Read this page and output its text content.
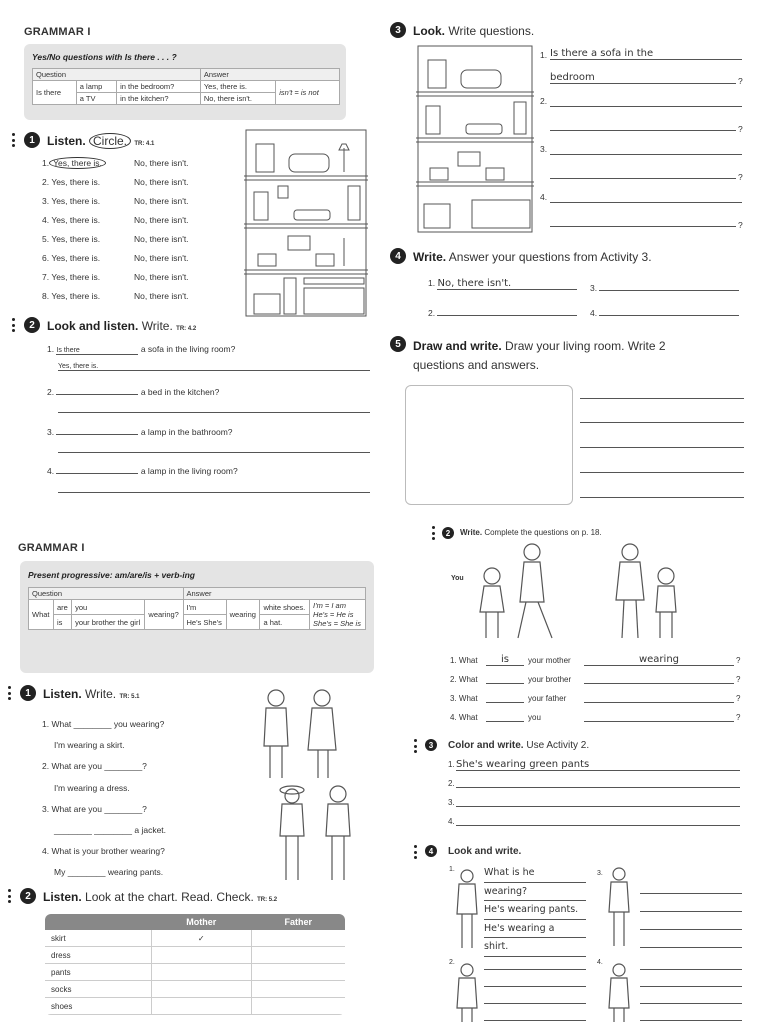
GRAMMAR I
Yes/No questions with Is there . . . ?
Question			Answer	
Is there	a lamp	in the bedroom?	Yes, there is.	isn't = is not
	a TV	in the kitchen?	No, there isn't.	
1	Listen. Circle. TR: 4.1
1. Yes, there is.	No, there isn't.
2. Yes, there is.	No, there isn't.
3. Yes, there is.	No, there isn't.
4. Yes, there is.	No, there isn't.
5. Yes, there is.	No, there isn't.
6. Yes, there is.	No, there isn't.
7. Yes, there is.	No, there isn't.
8. Yes, there is.	No, there isn't.
2	Look and listen. Write. TR: 4.2
1. Is there	a sofa in the living room?
Yes, there is.
2.	a bed in the kitchen?
3.	a lamp in the bathroom?
4.	a lamp in the living room?
3	Look. Write questions.
1. Is there a sofa in the
bedroom	?
2.
?
3.
?
4.
?
4	Write. Answer your questions from Activity 3.
1. No, there isn't.	3.
2.	4.
5	Draw and write. Draw your living room. Write 2
questions and answers.
GRAMMAR I
Present progressive: am/are/is + verb-ing
Question				Answer			
What	are	you	wearing?	I'm	wearing	white shoes.	I'm = I am
He's = He is
She's = She is

	is	your brother the girl		He's She's		a hat.	
1	Listen. Write. TR: 5.1
1. What ________ you wearing?
I'm wearing a skirt.
2. What are you ________?
I'm wearing a dress.
3. What are you ________?
________ ________ a jacket.
4. What is your brother wearing?
My ________ wearing pants.
2	Listen. Look at the chart. Read. Check. TR: 5.2
	Mother	Father
skirt	✓	
dress		
pants		
socks		
shoes		
2	Write. Complete the questions on p. 18.
You
1. What	is	your mother	wearing	?
2. What	your brother	?
3. What	your father	?
4. What	you	?
3	Color and write. Use Activity 2.
1. She's wearing green pants
2.
3.
4.
4	Look and write.
1.	What is he
wearing?
He's wearing pants.
He's wearing a
shirt.
3.
2.	4.
